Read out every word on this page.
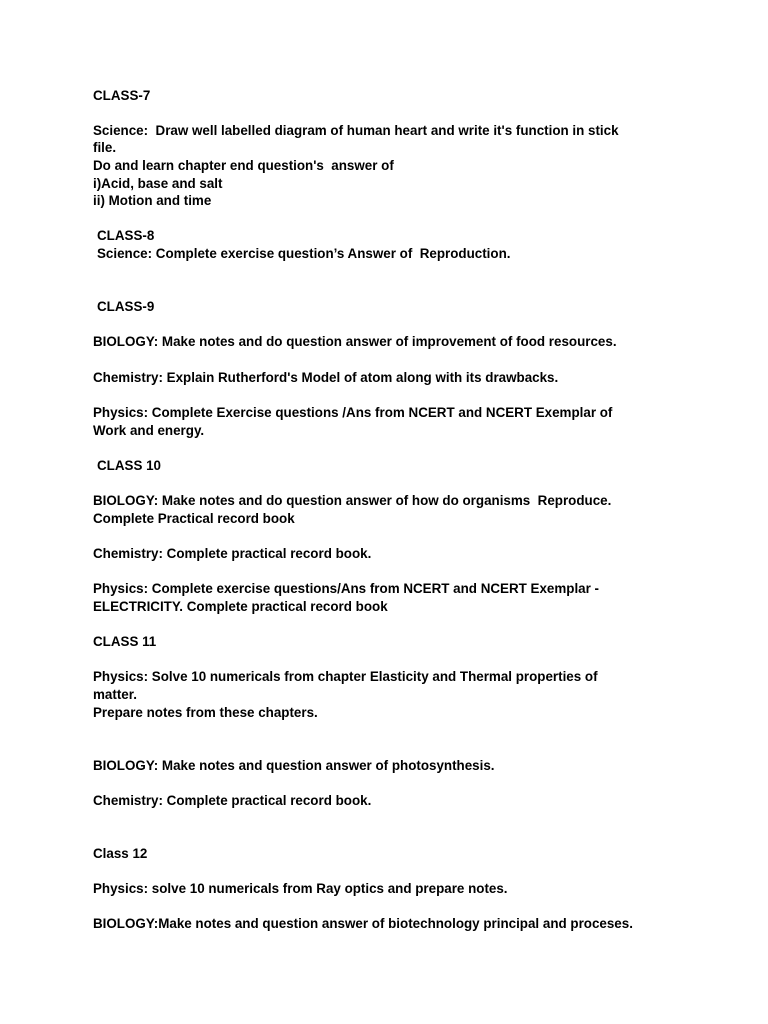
CLASS-7

Science:  Draw well labelled diagram of human heart and write it's function in stick

file.

Do and learn chapter end question's  answer of

i)Acid, base and salt

ii) Motion and time

CLASS-8

Science: Complete exercise question’s Answer of  Reproduction.

CLASS-9

BIOLOGY: Make notes and do question answer of improvement of food resources.

Chemistry: Explain Rutherford's Model of atom along with its drawbacks.

Physics: Complete Exercise questions /Ans from NCERT and NCERT Exemplar of

Work and energy.

CLASS 10

BIOLOGY: Make notes and do question answer of how do organisms  Reproduce.

Complete Practical record book

Chemistry: Complete practical record book.

Physics: Complete exercise questions/Ans from NCERT and NCERT Exemplar -

ELECTRICITY. Complete practical record book

CLASS 11

Physics: Solve 10 numericals from chapter Elasticity and Thermal properties of

matter.

Prepare notes from these chapters.

BIOLOGY: Make notes and question answer of photosynthesis.

Chemistry: Complete practical record book.

Class 12

Physics: solve 10 numericals from Ray optics and prepare notes.

BIOLOGY:Make notes and question answer of biotechnology principal and proceses.
